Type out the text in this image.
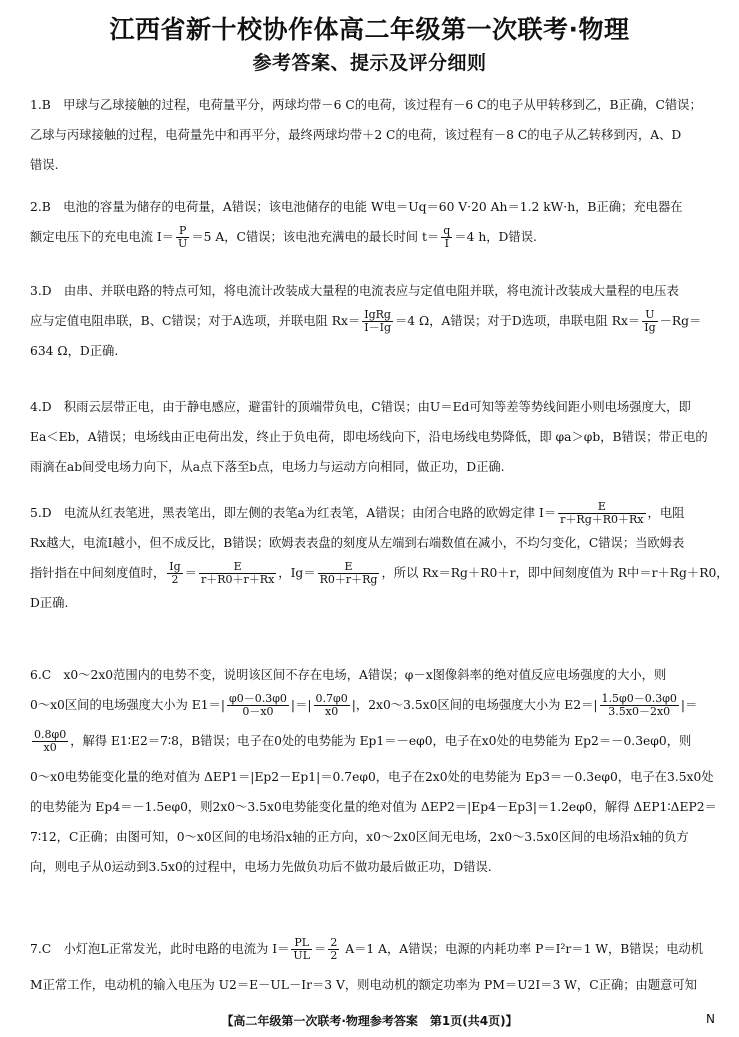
江西省新十校协作体高二年级第一次联考·物理
参考答案、提示及评分细则
1.B　甲球与乙球接触的过程，电荷量平分，两球均带－6 C的电荷，该过程有－6 C的电子从甲转移到乙，B正确，C错误；
乙球与丙球接触的过程，电荷量先中和再平分，最终两球均带＋2 C的电荷，该过程有－8 C的电子从乙转移到丙，A、D
错误.
2.B　电池的容量为储存的电荷量，A错误；该电池储存的电能 W电＝Uq＝60 V·20 Ah＝1.2 kW·h，B正确；充电器在
额定电压下的充电电流 $I= \frac{P}{U} =5$ A，C错误；该电池充满电的最长时间 $t= \frac{q}{I} =4$ h，D错误.
3.D　由串、并联电路的特点可知，将电流计改装成大量程的电流表应与定值电阻并联，将电流计改装成大量程的电压表
应与定值电阻串联，B、C错误；对于A选项，并联电阻 $Rx= \frac{\text{IgRg}}{I-Ig} =4$ Ω，A错误；对于D选项，串联电阻 $Rx= \frac{U}{Ig} -Rg=$
634 Ω，D正确.
4.D　积雨云层带正电，由于静电感应，避雷针的顶端带负电，C错误；由U＝Ed可知等差等势线间距小则电场强度大，即
Ea＜Eb，A错误；电场线由正电荷出发，终止于负电荷，即电场线向下，沿电场线电势降低，即 φa＞φb，B错误；带正电的
雨滴在ab间受电场力向下，从a点下落至b点，电场力与运动方向相同，做正功，D正确.
5.D　电流从红表笔进，黑表笔出，即左侧的表笔a为红表笔，A错误；由闭合电路的欧姆定律 $I= \frac{E}{r+Rg+R0+Rx}$ ，电阻
Rx越大，电流I越小，但不成反比，B错误；欧姆表表盘的刻度从左端到右端数值在减小，不均匀变化，C错误；当欧姆表
指针指在中间刻度值时， $\frac{Ig}{2} = \frac{E}{r+R0+r+Rx}$ ，$Ig= \frac{E}{R0+r+Rg}$ ，所以 Rx＝Rg＋R0＋r，即中间刻度值为 R中＝r＋Rg＋R0，
D正确.
6.C　x0～2x0范围内的电势不变，说明该区间不存在电场，A错误；φ－x图像斜率的绝对值反应电场强度的大小，则
0～x0区间的电场强度大小为 $E1=| \frac{\varphi 0-0.3\varphi 0}{0-x0}$ |＝| $\frac{0.7\varphi 0}{x0}$ |，2x0～3.5x0区间的电场强度大小为 $E2=| \frac{1.5\varphi 0-0.3\varphi 0}{3.5x0-2x0}$ |＝
$\frac{0.8\varphi 0}{x0}$ ，解得 E1∶E2＝7∶8，B错误；电子在0处的电势能为 Ep1＝－eφ0，电子在x0处的电势能为 Ep2＝－0.3eφ0，则
0～x0电势能变化量的绝对值为 ΔEP1＝|Ep2－Ep1|＝0.7eφ0，电子在2x0处的电势能为 Ep3＝－0.3eφ0，电子在3.5x0处
的电势能为 Ep4＝－1.5eφ0，则2x0～3.5x0电势能变化量的绝对值为 ΔEP2＝|Ep4－Ep3|＝1.2eφ0，解得 ΔEP1∶ΔEP2＝
7∶12，C正确；由图可知，0～x0区间的电场沿x轴的正方向，x0～2x0区间无电场，2x0～3.5x0区间的电场沿x轴的负方
向，则电子从0运动到3.5x0的过程中，电场力先做负功后不做功最后做正功，D错误.
7.C　小灯泡L正常发光，此时电路的电流为 $I= \frac{PL}{UL} = \frac{2}{2} A=1$ A，A错误；电源的内耗功率 P＝I²r＝1 W，B错误；电动机
M正常工作，电动机的输入电压为 U2＝E－UL－Ir＝3 V，则电动机的额定功率为 PM＝U2I＝3 W，C正确；由题意可知
【高二年级第一次联考·物理参考答案　第1页(共4页)】	N
